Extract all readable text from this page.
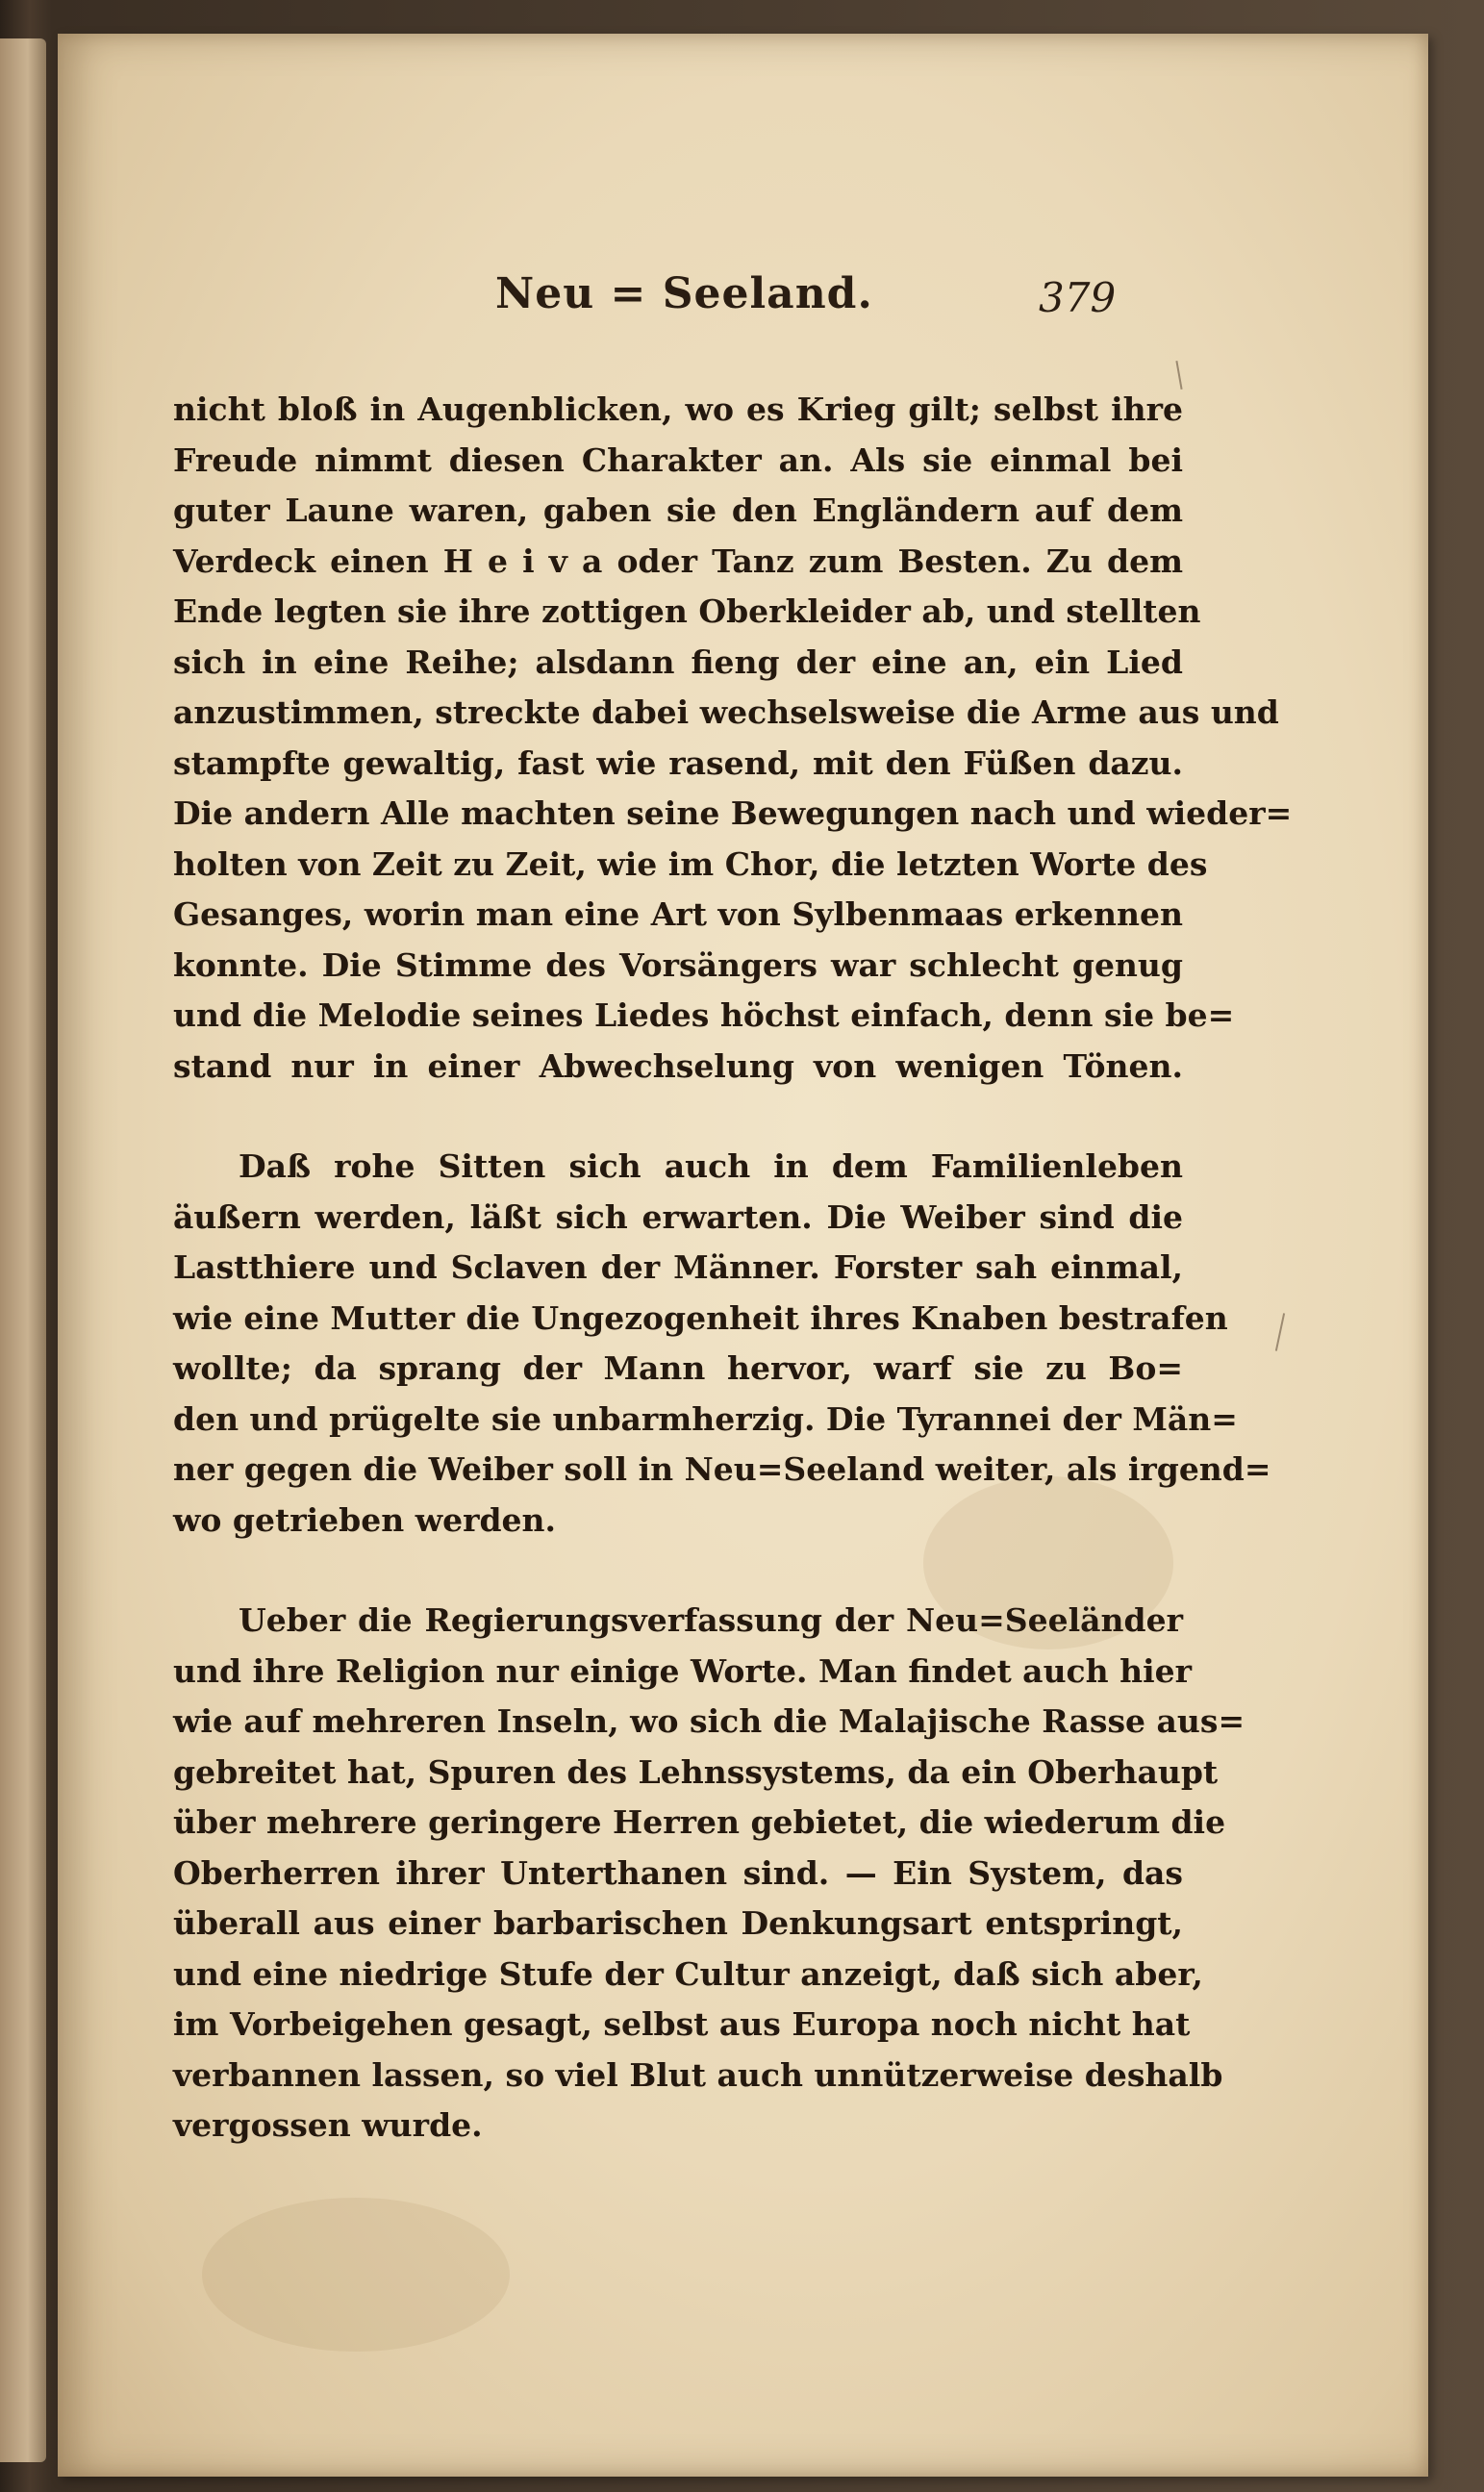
Neu = Seeland.	379
nicht bloß in Augenblicken, wo es Krieg gilt; selbst ihre
Freude nimmt diesen Charakter an. Als sie einmal bei
guter Laune waren, gaben sie den Engländern auf dem
Verdeck einen H e i v a oder Tanz zum Besten. Zu dem
Ende legten sie ihre zottigen Oberkleider ab, und stellten
sich in eine Reihe; alsdann fieng der eine an, ein Lied
anzustimmen, streckte dabei wechselsweise die Arme aus und
stampfte gewaltig, fast wie rasend, mit den Füßen dazu.
Die andern Alle machten seine Bewegungen nach und wieder=
holten von Zeit zu Zeit, wie im Chor, die letzten Worte des
Gesanges, worin man eine Art von Sylbenmaas erkennen
konnte. Die Stimme des Vorsängers war schlecht genug
und die Melodie seines Liedes höchst einfach, denn sie be=
stand nur in einer Abwechselung von wenigen Tönen.
Daß rohe Sitten sich auch in dem Familienleben
äußern werden, läßt sich erwarten. Die Weiber sind die
Lastthiere und Sclaven der Männer. Forster sah einmal,
wie eine Mutter die Ungezogenheit ihres Knaben bestrafen
wollte; da sprang der Mann hervor, warf sie zu Bo=
den und prügelte sie unbarmherzig. Die Tyrannei der Män=
ner gegen die Weiber soll in Neu=Seeland weiter, als irgend=
wo getrieben werden.
Ueber die Regierungsverfassung der Neu=Seeländer
und ihre Religion nur einige Worte. Man findet auch hier
wie auf mehreren Inseln, wo sich die Malajische Rasse aus=
gebreitet hat, Spuren des Lehnssystems, da ein Oberhaupt
über mehrere geringere Herren gebietet, die wiederum die
Oberherren ihrer Unterthanen sind. — Ein System, das
überall aus einer barbarischen Denkungsart entspringt,
und eine niedrige Stufe der Cultur anzeigt, daß sich aber,
im Vorbeigehen gesagt, selbst aus Europa noch nicht hat
verbannen lassen, so viel Blut auch unnützerweise deshalb
vergossen wurde.
